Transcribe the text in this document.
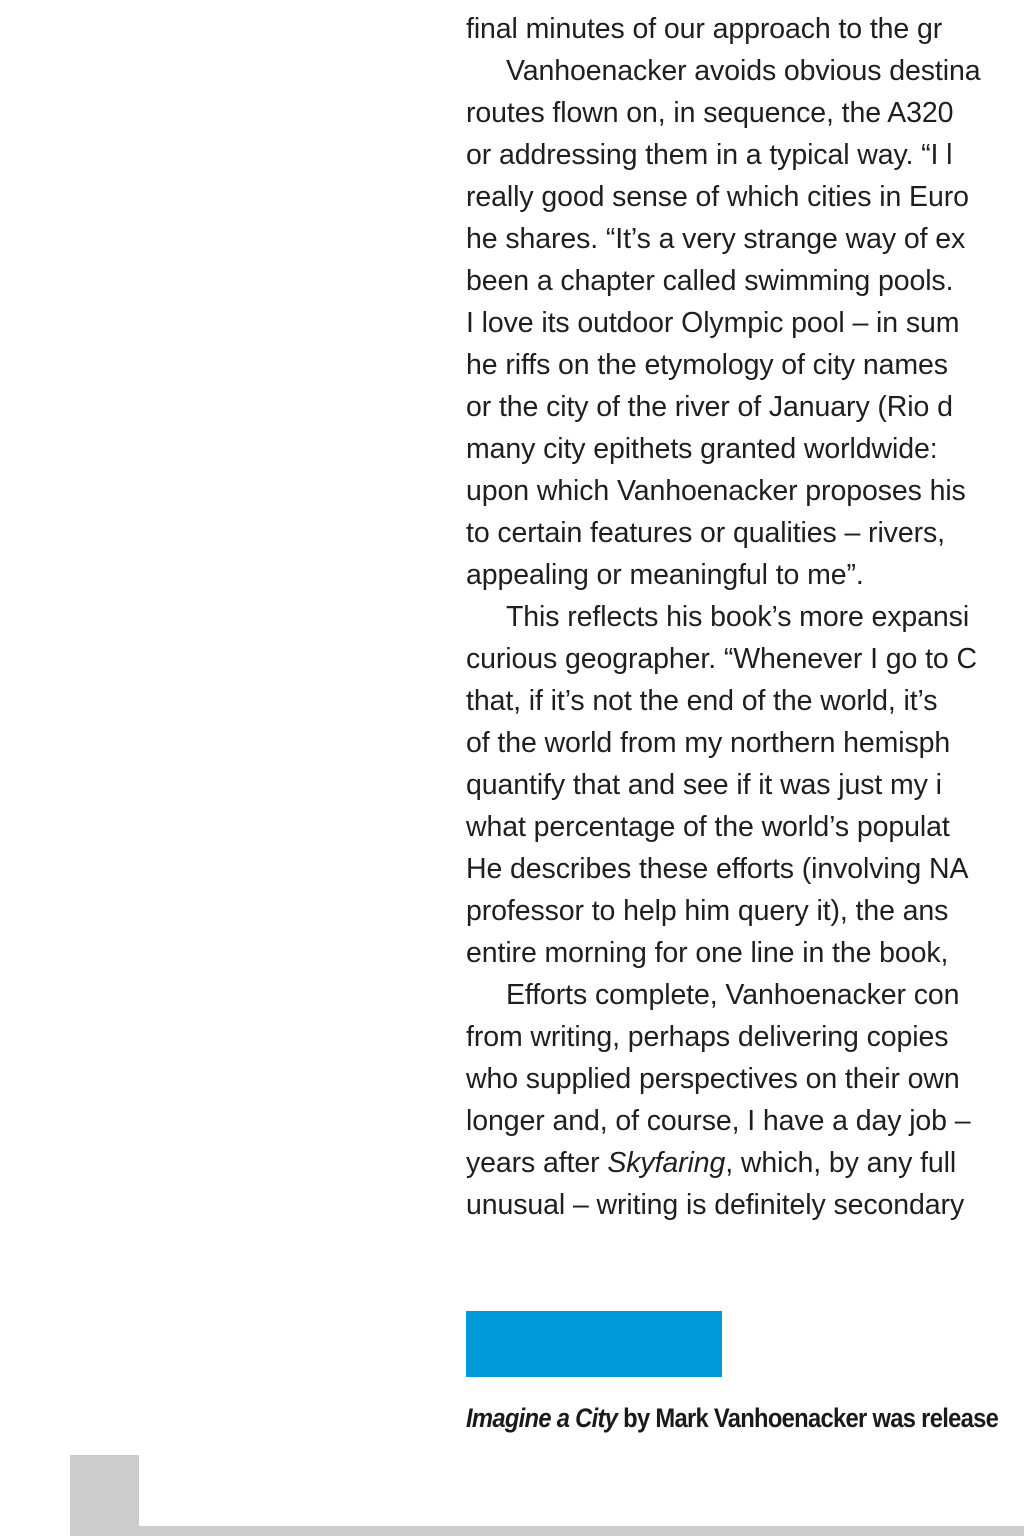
final minutes of our approach to the gr
Vanhoenacker avoids obvious destina
routes flown on, in sequence, the A320
or addressing them in a typical way. “I l
really good sense of which cities in Euro
he shares. “It’s a very strange way of ex
been a chapter called swimming pools.
I love its outdoor Olympic pool – in sum
he riffs on the etymology of city names
or the city of the river of January (Rio d
many city epithets granted worldwide:
upon which Vanhoenacker proposes his
to certain features or qualities – rivers,
appealing or meaningful to me”.
This reflects his book’s more expansi
curious geographer. “Whenever I go to C
that, if it’s not the end of the world, it’s
of the world from my northern hemisph
quantify that and see if it was just my i
what percentage of the world’s populat
He describes these efforts (involving NA
professor to help him query it), the ans
entire morning for one line in the book,
Efforts complete, Vanhoenacker con
from writing, perhaps delivering copies
who supplied perspectives on their own
longer and, of course, I have a day job –
years after Skyfaring, which, by any full
unusual – writing is definitely secondary
Imagine a City by Mark Vanhoenacker was release
